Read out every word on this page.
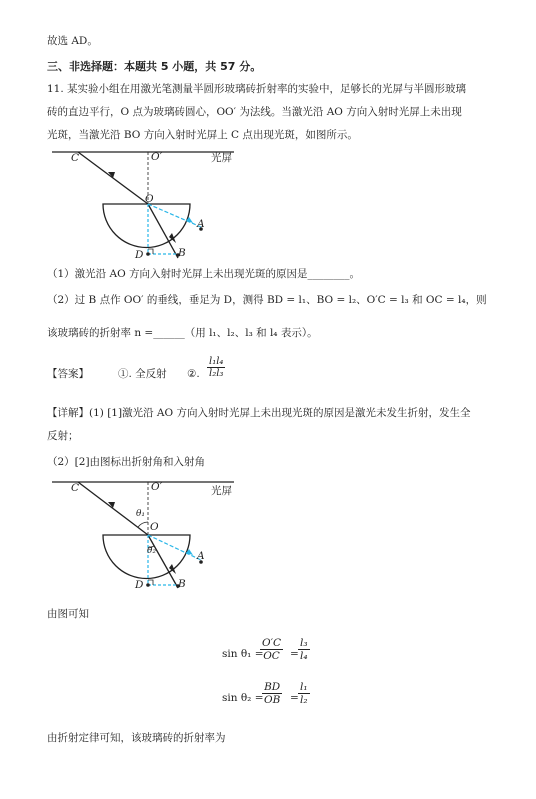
故选 AD。
三、非选择题：本题共 5 小题，共 57 分。
11. 某实验小组在用激光笔测量半圆形玻璃砖折射率的实验中，足够长的光屏与半圆形玻璃
砖的直边平行，O 点为玻璃砖圆心，OO′ 为法线。当激光沿 AO 方向入射时光屏上未出现
光斑，当激光沿 BO 方向入射时光屏上 C 点出现光斑，如图所示。
C	O′	光屏
O
A
B
D
（1）激光沿 AO 方向入射时光屏上未出现光斑的原因是________。
（2）过 B 点作 OO′ 的垂线，垂足为 D，测得 BD = l₁、BO = l₂、O′C = l₃ 和 OC = l₄，则
该玻璃砖的折射率 n =______（用 l₁、l₂、l₃ 和 l₄ 表示）。
【答案】	①. 全反射 ②. $\frac{\text{l₁l₄}}{\text{l₂l₃}}$
【详解】(1) [1]激光沿 AO 方向入射时光屏上未出现光斑的原因是激光未发生折射，发生全
反射；
（2）[2]由图标出折射角和入射角
C	O′	光屏
θ₁
O
θ₂	A
B
D
由图可知
sin θ₁ =
$\frac{O'C}{OC} = \frac{\text{l₃}}{\text{l₄}}$
sin θ₂ =
$\frac{BD}{OB} = \frac{\text{l₁}}{\text{l₂}}$
由折射定律可知，该玻璃砖的折射率为
